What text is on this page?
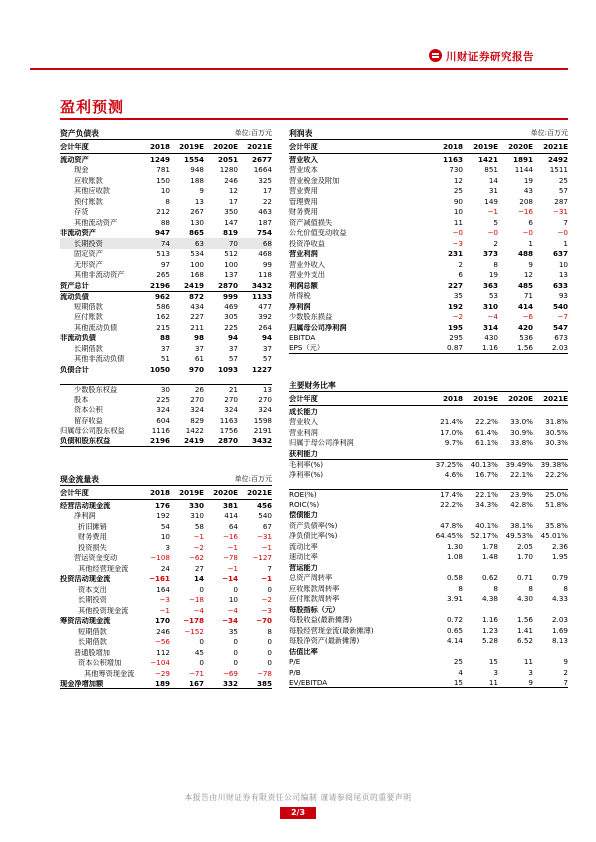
川财证券研究报告
盈利预测
资产负债表	单位:百万元
会计年度	2018	2019E	2020E	2021E
流动资产	1249	1554	2051	2677
现金	781	948	1280	1664
应收账款	150	188	246	325
其他应收款	10	9	12	17
预付账款	8	13	17	22
存货	212	267	350	463
其他流动资产	88	130	147	187
非流动资产	947	865	819	754
长期投资	74	63	70	68
固定资产	513	534	512	468
无形资产	97	100	100	99
其他非流动资产	265	168	137	118
资产总计	2196	2419	2870	3432
流动负债	962	872	999	1133
短期借款	586	434	469	477
应付账款	162	227	305	392
其他流动负债	215	211	225	264
非流动负债	88	98	94	94
长期借款	37	37	37	37
其他非流动负债	51	61	57	57
负债合计	1050	970	1093	1227
少数股东权益	30	26	21	13
股本	225	270	270	270
资本公积	324	324	324	324
留存收益	604	829	1163	1598
归属母公司股东权益	1116	1422	1756	2191
负债和股东权益	2196	2419	2870	3432
现金流量表	单位:百万元
会计年度	2018	2019E	2020E	2021E
经营活动现金流	176	330	381	456
净利润	192	310	414	540
折旧摊销	54	58	64	67
财务费用	10	−1	−16	−31
投资损失	3	−2	−1	−1
营运资金变动	−108	−62	−78	−127
其他经营现金流	24	27	−1	7
投资活动现金流	−161	14	−14	−1
资本支出	164	0	0	0
长期投资	−3	−18	10	−2
其他投资现金流	−1	−4	−4	−3
筹资活动现金流	170	−178	−34	−70
短期借款	246	−152	35	8
长期借款	−56	0	0	0
普通股增加	112	45	0	0
资本公积增加	−104	0	0	0
其他筹资现金流	−29	−71	−69	−78
现金净增加额	189	167	332	385
利润表	单位:百万元
会计年度	2018	2019E	2020E	2021E
营业收入	1163	1421	1891	2492
营业成本	730	851	1144	1511
营业税金及附加	12	14	19	25
营业费用	25	31	43	57
管理费用	90	149	208	287
财务费用	10	−1	−16	−31
资产减值损失	11	5	6	7
公允价值变动收益	−0	−0	−0	−0
投资净收益	−3	2	1	1
营业利润	231	373	488	637
营业外收入	2	8	9	10
营业外支出	6	19	12	13
利润总额	227	363	485	633
所得税	35	53	71	93
净利润	192	310	414	540
少数股东损益	−2	−4	−6	−7
归属母公司净利润	195	314	420	547
EBITDA	295	430	536	673
EPS（元）	0.87	1.16	1.56	2.03
主要财务比率
会计年度	2018	2019E	2020E	2021E
成长能力
营业收入	21.4%	22.2%	33.0%	31.8%
营业利润	17.0%	61.4%	30.9%	30.5%
归属于母公司净利润	9.7%	61.1%	33.8%	30.3%
获利能力
毛利率(%)	37.25%	40.13%	39.49%	39.38%
净利率(%)	4.6%	16.7%	22.1%	22.2%
ROE(%)	17.4%	22.1%	23.9%	25.0%
ROIC(%)	22.2%	34.3%	42.8%	51.8%
偿债能力
资产负债率(%)	47.8%	40.1%	38.1%	35.8%
净负债比率(%)	64.45%	52.17%	49.53%	45.01%
流动比率	1.30	1.78	2.05	2.36
速动比率	1.08	1.48	1.70	1.95
营运能力
总资产周转率	0.58	0.62	0.71	0.79
应收账款周转率	8	8	8	8
应付账款周转率	3.91	4.38	4.30	4.33
每股指标（元）
每股收益(最新摊薄)	0.72	1.16	1.56	2.03
每股经营现金流(最新摊薄)	0.65	1.23	1.41	1.69
每股净资产(最新摊薄)	4.14	5.28	6.52	8.13
估值比率
P/E	25	15	11	9
P/B	4	3	3	2
EV/EBITDA	15	11	9	7
本报告由川财证券有限责任公司编制 谨请参阅尾页的重要声明
2/3
